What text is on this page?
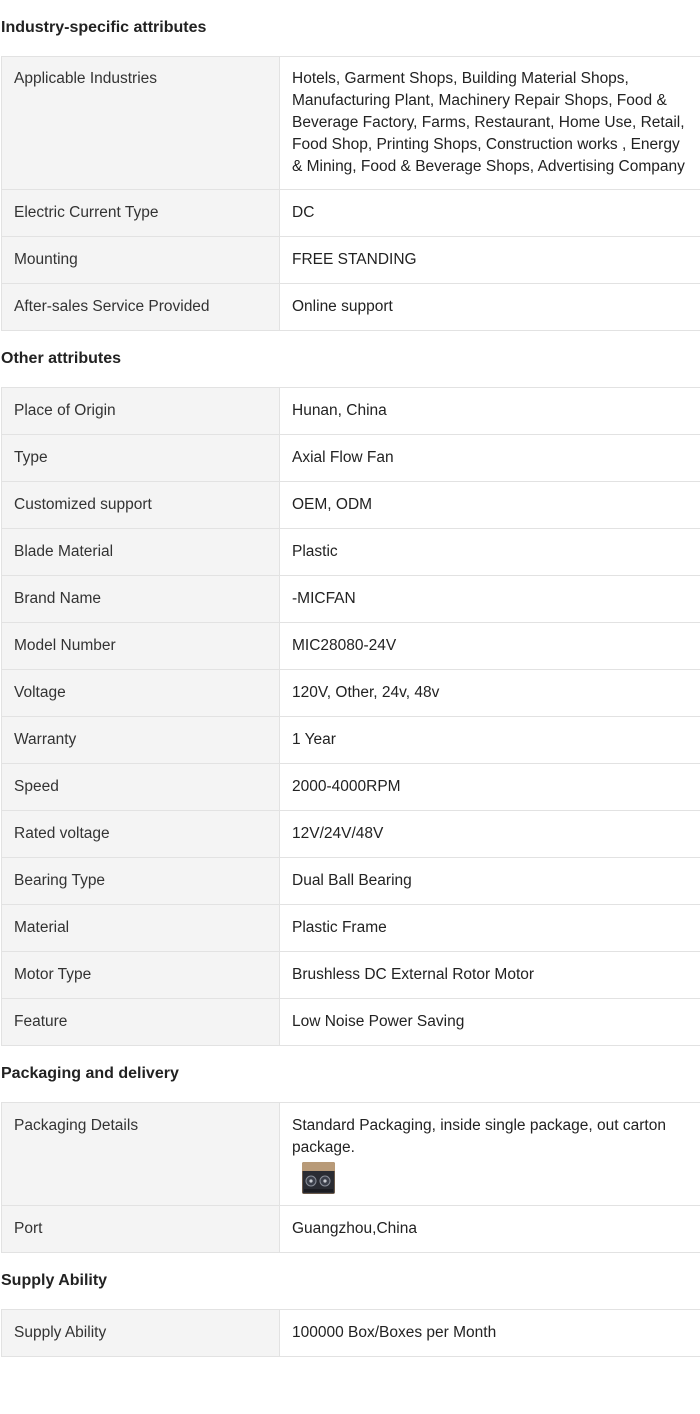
Industry-specific attributes
Applicable Industries	Hotels, Garment Shops, Building Material Shops, Manufacturing Plant, Machinery Repair Shops, Food & Beverage Factory, Farms, Restaurant, Home Use, Retail, Food Shop, Printing Shops, Construction works , Energy & Mining, Food & Beverage Shops, Advertising Company
Electric Current Type	DC
Mounting	FREE STANDING
After-sales Service Provided	Online support
Other attributes
Place of Origin	Hunan, China
Type	Axial Flow Fan
Customized support	OEM, ODM
Blade Material	Plastic
Brand Name	-MICFAN
Model Number	MIC28080-24V
Voltage	120V, Other, 24v, 48v
Warranty	1 Year
Speed	2000-4000RPM
Rated voltage	12V/24V/48V
Bearing Type	Dual Ball Bearing
Material	Plastic Frame
Motor Type	Brushless DC External Rotor Motor
Feature	Low Noise Power Saving
Packaging and delivery
Packaging Details	Standard Packaging, inside single package, out carton package.

Port	Guangzhou,China
Supply Ability
Supply Ability	100000 Box/Boxes per Month
